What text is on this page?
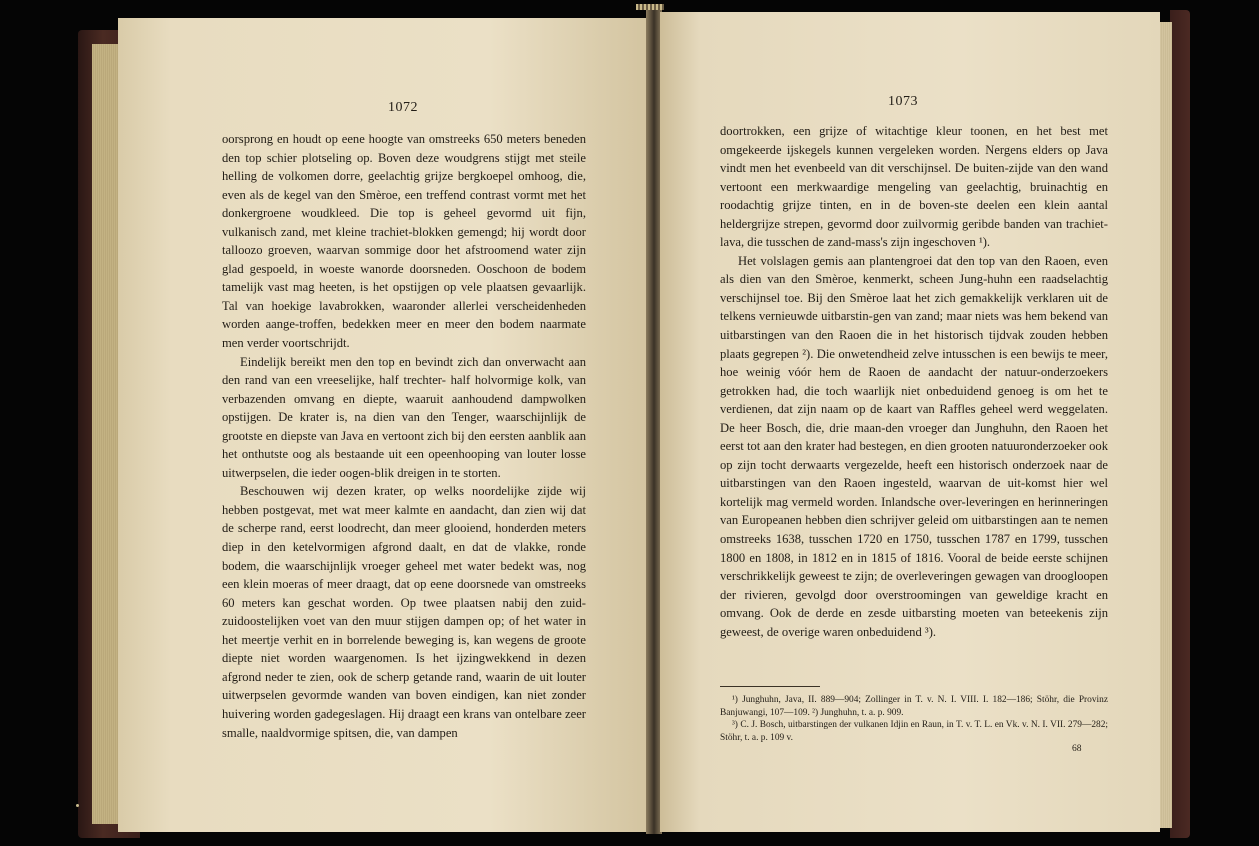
1072

oorsprong en houdt op eene hoogte van omstreeks 650 meters beneden den top schier plotseling op. Boven deze woudgrens stijgt met steile helling de volkomen dorre, geelachtig grijze bergkoepel omhoog, die, even als de kegel van den Smèroe, een treffend contrast vormt met het donkergroene woudkleed. Die top is geheel gevormd uit fijn, vulkanisch zand, met kleine trachiet-blokken gemengd; hij wordt door talloozo groeven, waarvan sommige door het afstroomend water zijn glad gespoeld, in woeste wanorde doorsneden. Ooschoon de bodem tamelijk vast mag heeten, is het opstijgen op vele plaatsen gevaarlijk. Tal van hoekige lavabrokken, waaronder allerlei verscheidenheden worden aange-troffen, bedekken meer en meer den bodem naarmate men verder voortschrijdt.

Eindelijk bereikt men den top en bevindt zich dan onverwacht aan den rand van een vreeselijke, half trechter- half holvormige kolk, van verbazenden omvang en diepte, waaruit aanhoudend dampwolken opstijgen. De krater is, na dien van den Tenger, waarschijnlijk de grootste en diepste van Java en vertoont zich bij den eersten aanblik aan het onthutste oog als bestaande uit een opeenhooping van louter losse uitwerpselen, die ieder oogen-blik dreigen in te storten.

Beschouwen wij dezen krater, op welks noordelijke zijde wij hebben postgevat, met wat meer kalmte en aandacht, dan zien wij dat de scherpe rand, eerst loodrecht, dan meer glooiend, honderden meters diep in den ketelvormigen afgrond daalt, en dat de vlakke, ronde bodem, die waarschijnlijk vroeger geheel met water bedekt was, nog een klein moeras of meer draagt, dat op eene doorsnede van omstreeks 60 meters kan geschat worden. Op twee plaatsen nabij den zuid-zuidoostelijken voet van den muur stijgen dampen op; of het water in het meertje verhit en in borrelende beweging is, kan wegens de groote diepte niet worden waargenomen. Is het ijzingwekkend in dezen afgrond neder te zien, ook de scherp getande rand, waarin de uit louter uitwerpselen gevormde wanden van boven eindigen, kan niet zonder huivering worden gadegeslagen. Hij draagt een krans van ontelbare zeer smalle, naaldvormige spitsen, die, van dampen

1073

doortrokken, een grijze of witachtige kleur toonen, en het best met omgekeerde ijskegels kunnen vergeleken worden. Nergens elders op Java vindt men het evenbeeld van dit verschijnsel. De buiten-zijde van den wand vertoont een merkwaardige mengeling van geelachtig, bruinachtig en roodachtig grijze tinten, en in de boven-ste deelen een klein aantal heldergrijze strepen, gevormd door zuilvormig geribde banden van trachiet-lava, die tusschen de zand-mass's zijn ingeschoven ¹).

Het volslagen gemis aan plantengroei dat den top van den Raoen, even als dien van den Smèroe, kenmerkt, scheen Jung-huhn een raadselachtig verschijnsel toe. Bij den Smèroe laat het zich gemakkelijk verklaren uit de telkens vernieuwde uitbarstin-gen van zand; maar niets was hem bekend van uitbarstingen van den Raoen die in het historisch tijdvak zouden hebben plaats gegrepen ²). Die onwetendheid zelve intusschen is een bewijs te meer, hoe weinig vóór hem de Raoen de aandacht der natuur-onderzoekers getrokken had, die toch waarlijk niet onbeduidend genoeg is om het te verdienen, dat zijn naam op de kaart van Raffles geheel werd weggelaten. De heer Bosch, die, drie maan-den vroeger dan Junghuhn, den Raoen het eerst tot aan den krater had bestegen, en dien grooten natuuronderzoeker ook op zijn tocht derwaarts vergezelde, heeft een historisch onderzoek naar de uitbarstingen van den Raoen ingesteld, waarvan de uit-komst hier wel kortelijk mag vermeld worden. Inlandsche over-leveringen en herinneringen van Europeanen hebben dien schrijver geleid om uitbarstingen aan te nemen omstreeks 1638, tusschen 1720 en 1750, tusschen 1787 en 1799, tusschen 1800 en 1808, in 1812 en in 1815 of 1816. Vooral de beide eerste schijnen verschrikkelijk geweest te zijn; de overleveringen gewagen van droogloopen der rivieren, gevolgd door overstroomingen van geweldige kracht en omvang. Ook de derde en zesde uitbarsting moeten van beteekenis zijn geweest, de overige waren onbeduidend ³).

¹) Junghuhn, Java, II. 889—904; Zollinger in T. v. N. I. VIII. I. 182—186; Stöhr, die Provinz Banjuwangi, 107—109. ²) Junghuhn, t. a. p. 909.

³) C. J. Bosch, uitbarstingen der vulkanen Idjin en Raun, in T. v. T. L. en Vk. v. N. I. VII. 279—282; Stöhr, t. a. p. 109 v.

68
